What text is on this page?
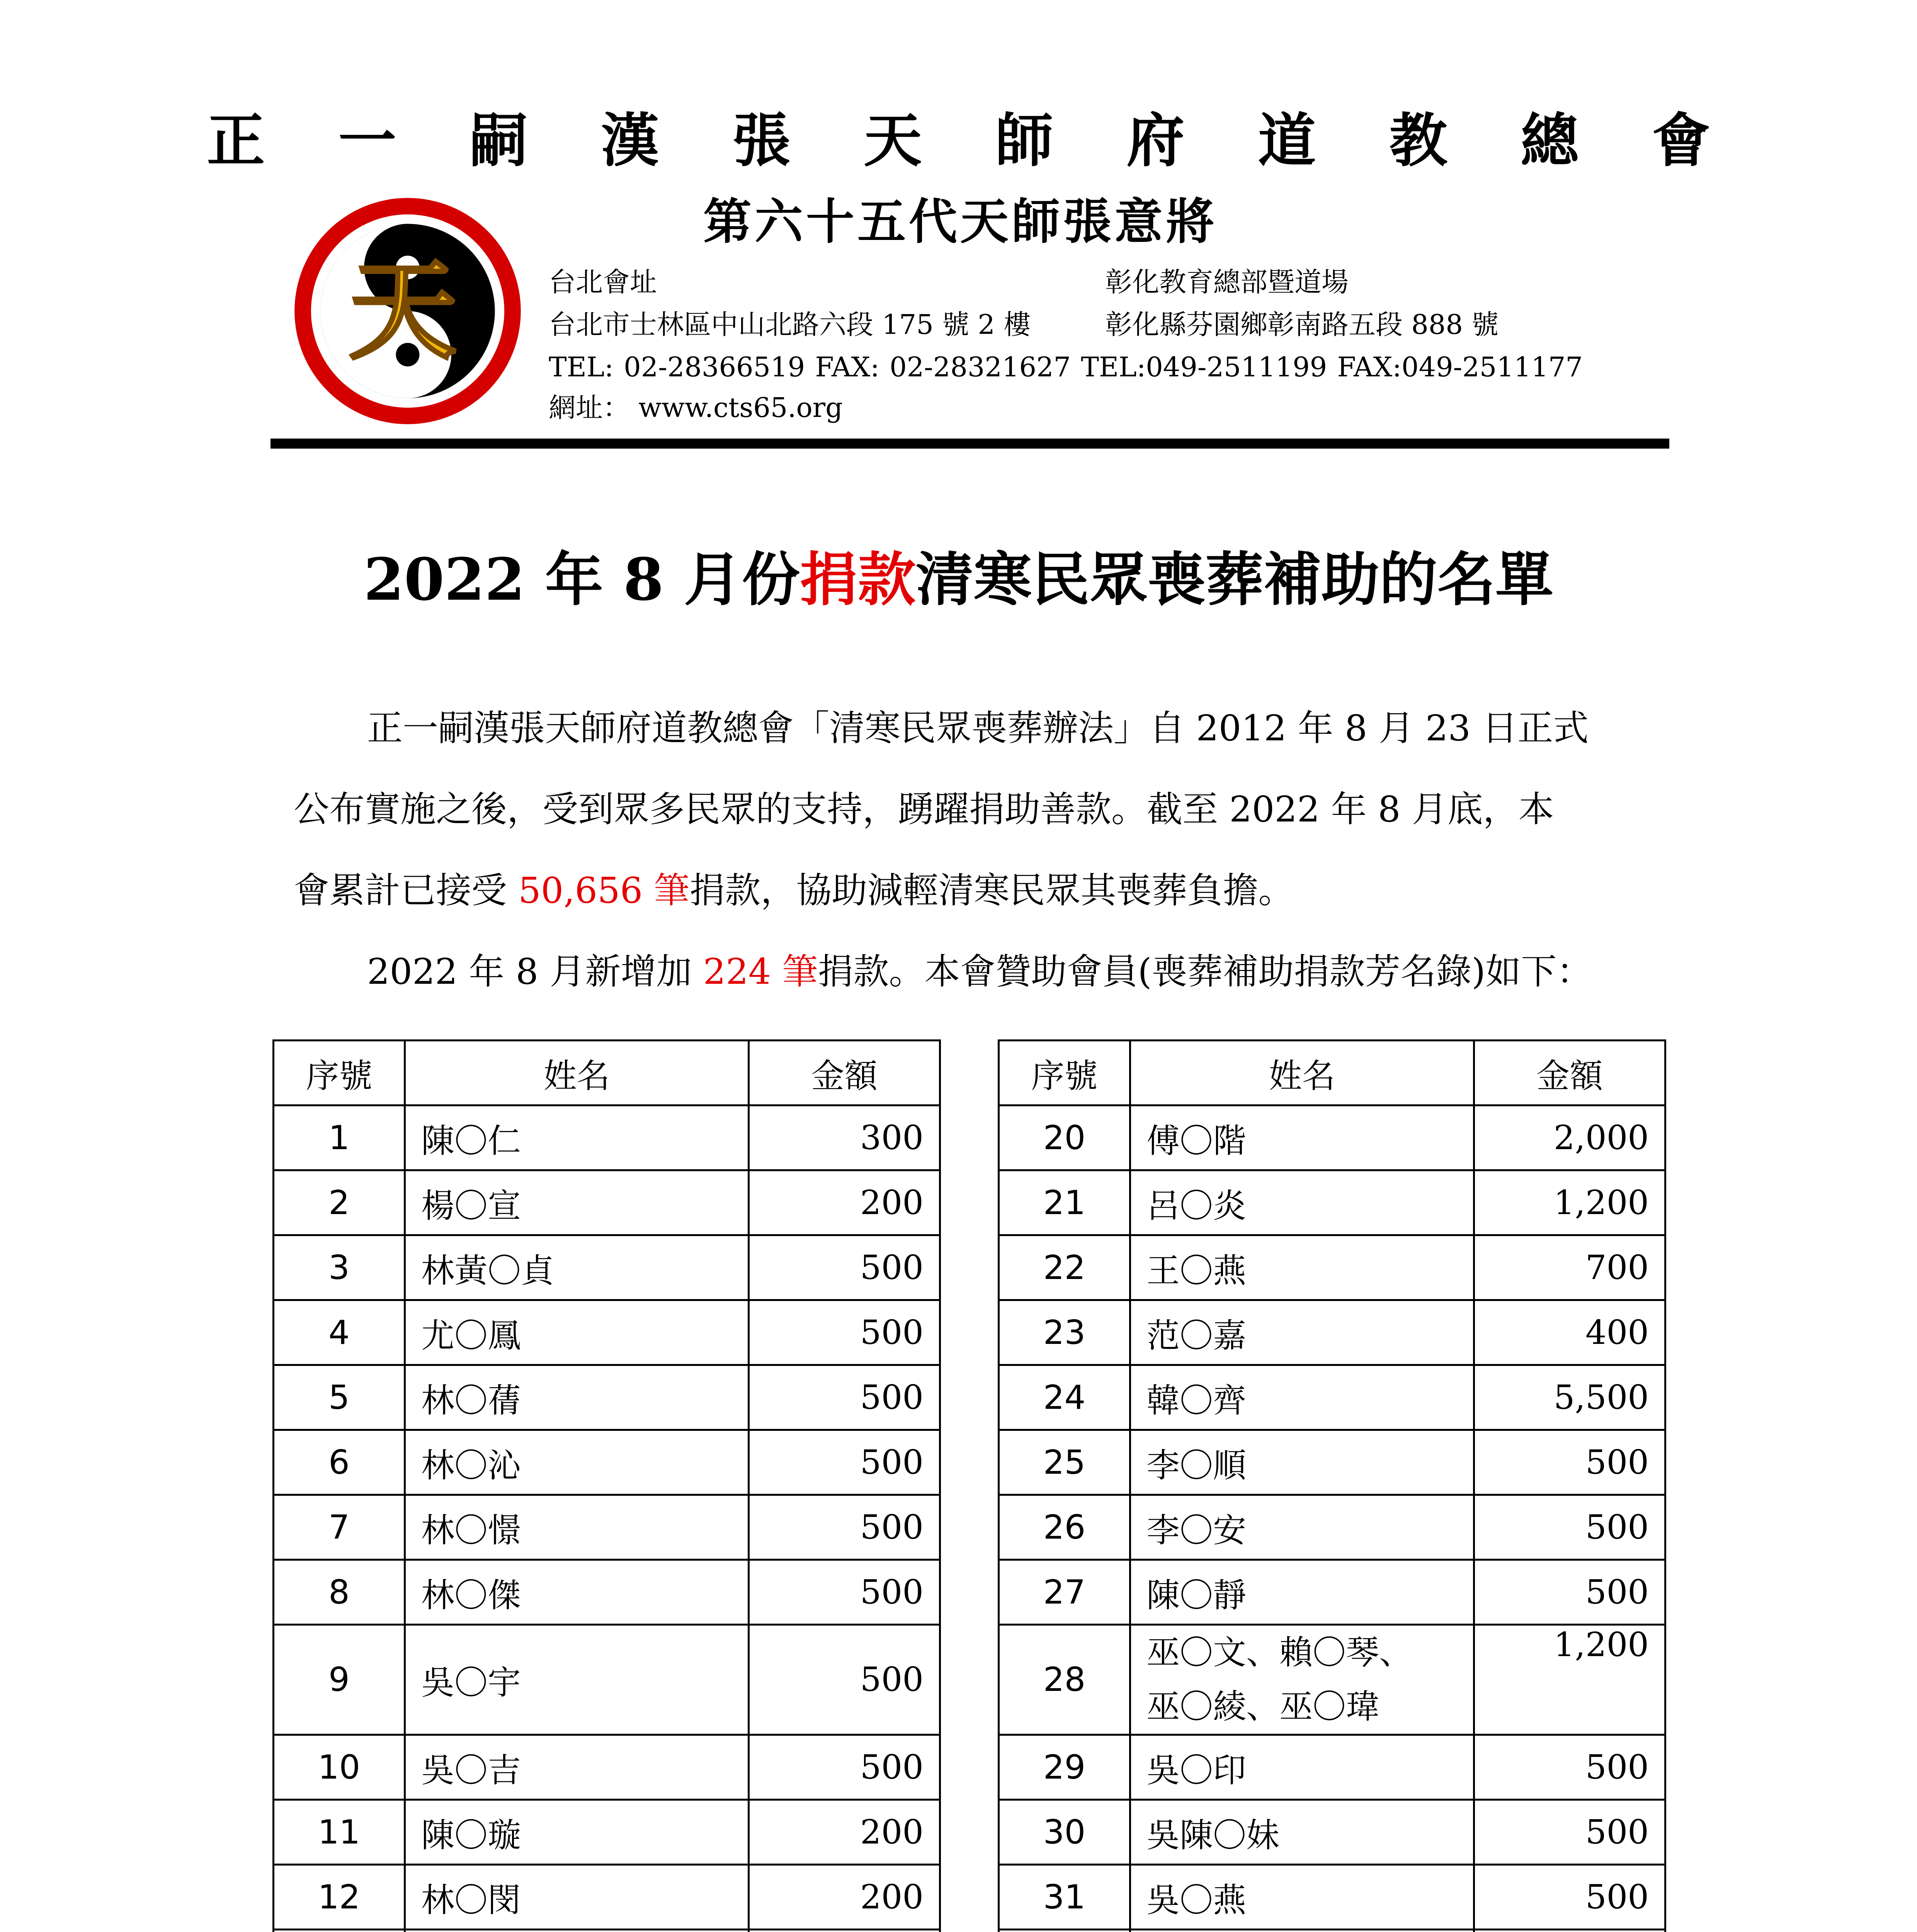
正 一 嗣 漢 張 天 師 府 道 教 總 會
天
第六十五代天師張意將
台北會址	彰化教育總部暨道場
台北市士林區中山北路六段 175 號 2 樓	彰化縣芬園鄉彰南路五段 888 號
TEL: 02-28366519 FAX: 02-28321627 TEL:049-2511199 FAX:049-2511177
網址： www.cts65.org
2022 年 8 月份捐款清寒民眾喪葬補助的名單

正一嗣漢張天師府道教總會「清寒民眾喪葬辦法」自 2012 年 8 月 23 日正式

公布實施之後，受到眾多民眾的支持，踴躍捐助善款。截至 2022 年 8 月底，本

會累計已接受 50,656 筆捐款，協助減輕清寒民眾其喪葬負擔。

2022 年 8 月新增加 224 筆捐款。本會贊助會員(喪葬補助捐款芳名錄)如下：
序號	姓名	金額
1	陳〇仁	300
2	楊〇宣	200
3	林黃〇貞	500
4	尤〇鳳	500
5	林〇蒨	500
6	林〇沁	500
7	林〇憬	500
8	林〇傑	500
9	吳〇宇	500
10	吳〇吉	500
11	陳〇璇	200
12	林〇閔	200

序號	姓名	金額
20	傅〇階	2,000
21	呂〇炎	1,200
22	王〇燕	700
23	范〇嘉	400
24	韓〇齊	5,500
25	李〇順	500
26	李〇安	500
27	陳〇靜	500
28	巫〇文、賴〇琴、
巫〇綾、巫〇瑋	1,200
29	吳〇印	500
30	吳陳〇妹	500
31	吳〇燕	500
